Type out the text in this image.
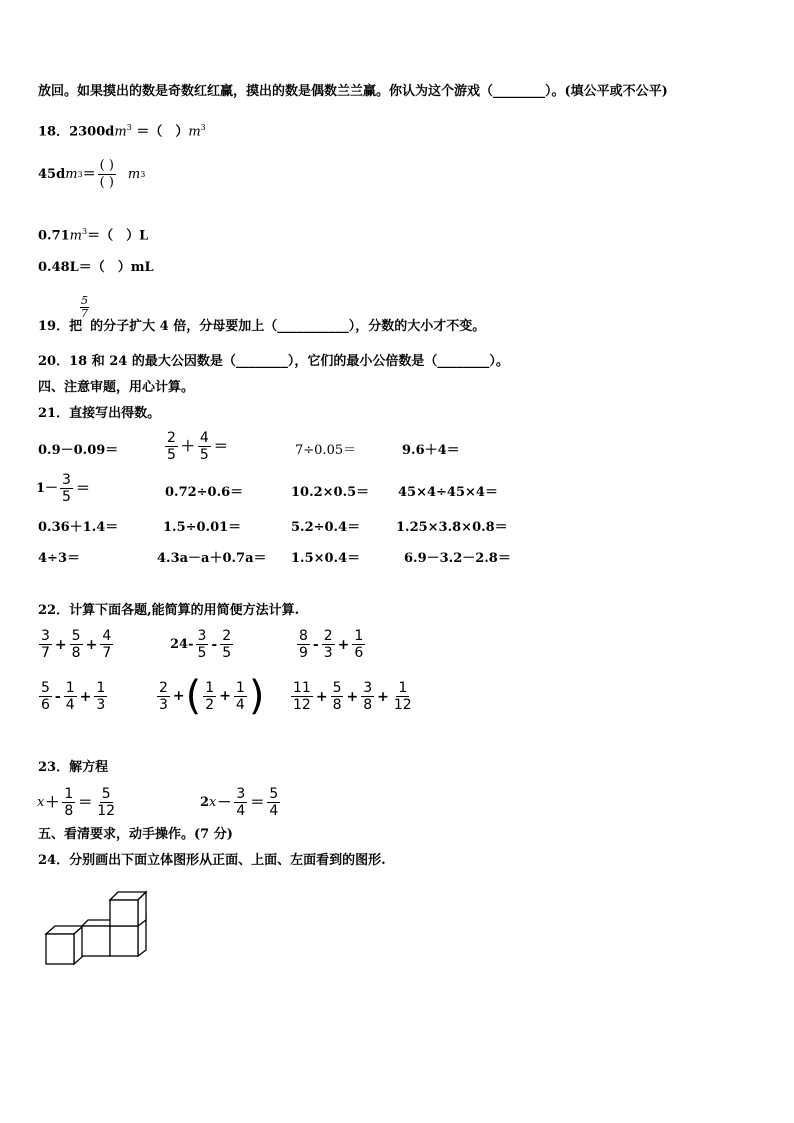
放回。如果摸出的数是奇数红红赢，摸出的数是偶数兰兰赢。你认为这个游戏（________）。(填公平或不公平)
18．$2300dm^3$ ＝（　）$m^3$
45d m $3 = \frac{( )}{( )}$ m 3
$0.71m^3=$（　）L
0.48L＝（　）mL
5
7
19．把 的分子扩大 4 倍，分母要加上（___________），分数的大小才不变。
20．18 和 24 的最大公因数是（________），它们的最小公倍数是（________）。
四、注意审题，用心计算。
21．直接写出得数。
0.9－0.09＝	$\frac{2}{5} + \frac{4}{5}$ ＝	7÷0.05＝	9.6＋4＝
$1- \frac{3}{5}$ ＝	0.72÷0.6＝	10.2×0.5＝ 45×4÷45×4＝
0.36＋1.4＝	1.5÷0.01＝	5.2÷0.4＝	1.25×3.8×0.8＝
4÷3＝	4.3a－a＋0.7a＝ 1.5×0.4＝	6.9－3.2－2.8＝
22．计算下面各题,能简算的用简便方法计算.
$\frac{3}{7} + \frac{5}{8} + \frac{4}{7}$	$24- \frac{3}{5} - \frac{2}{5}$	$\frac{8}{9} - \frac{2}{3} + \frac{1}{6}$
$\frac{5}{6} - \frac{1}{4} + \frac{1}{3}$	$\frac{2}{3}$ + ( $\frac{1}{2} + \frac{1}{4}$ ) $\frac{11}{12} + \frac{5}{8} + \frac{3}{8} + \frac{1}{12}$
23．解方程
$x + \frac{1}{8} = \frac{5}{12}$	2 $x - \frac{3}{4} = \frac{5}{4}$
五、看清要求，动手操作。(7 分)
24．分别画出下面立体图形从正面、上面、左面看到的图形.
